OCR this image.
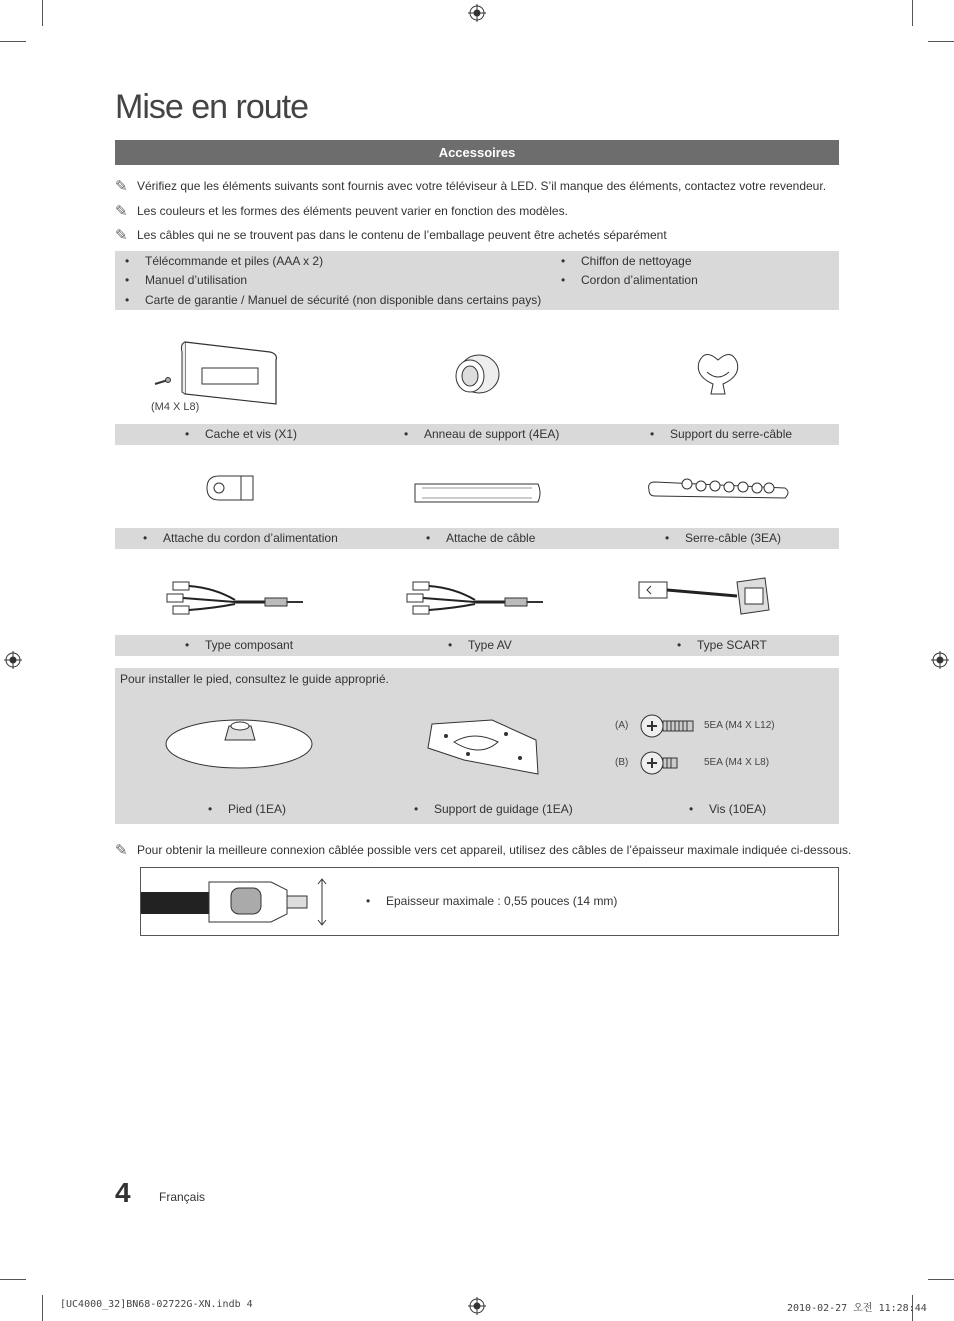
Mise en route
Accessoires
✎ Vérifiez que les éléments suivants sont fournis avec votre téléviseur à LED. S’il manque des éléments, contactez votre revendeur.
✎ Les couleurs et les formes des éléments peuvent varier en fonction des modèles.
✎ Les câbles qui ne se trouvent pas dans le contenu de l’emballage peuvent être achetés séparément
• Télécommande et piles (AAA x 2)
• Manuel d’utilisation
• Carte de garantie / Manuel de sécurité (non disponible dans certains pays)
• Chiffon de nettoyage
• Cordon d’alimentation
(M4 X L8)
• Cache et vis (X1)	• Anneau de support (4EA)	• Support du serre-câble
• Attache du cordon d’alimentation	• Attache de câble	• Serre-câble (3EA)
• Type composant	• Type AV	• Type SCART
Pour installer le pied, consultez le guide approprié.
(A)	5EA (M4 X L12)
(B)	5EA (M4 X L8)
• Pied (1EA)	• Support de guidage (1EA)	• Vis (10EA)
✎ Pour obtenir la meilleure connexion câblée possible vers cet appareil, utilisez des câbles de l’épaisseur maximale indiquée ci-dessous.
• Epaisseur maximale : 0,55 pouces (14 mm)
4 Français
[UC4000_32]BN68-02722G-XN.indb 4	2010-02-27 오전 11:28:44
